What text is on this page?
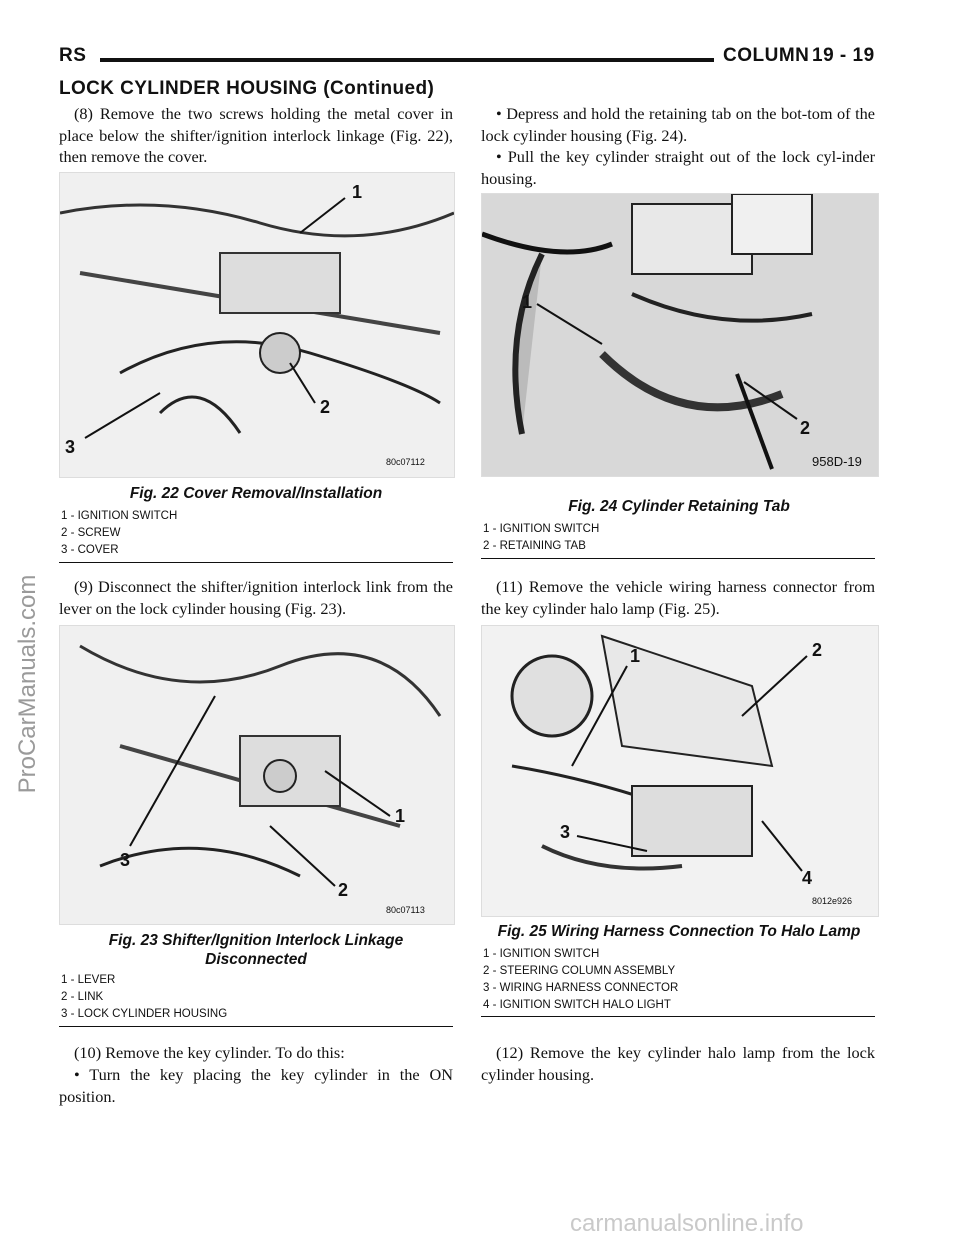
RS	COLUMN 19 - 19
LOCK CYLINDER HOUSING (Continued)
(8) Remove the two screws holding the metal cover in place below the shifter/ignition interlock linkage (Fig. 22), then remove the cover.
1
2
3
80c07112
Fig. 22 Cover Removal/Installation
1 - IGNITION SWITCH
2 - SCREW
3 - COVER
(9) Disconnect the shifter/ignition interlock link from the lever on the lock cylinder housing (Fig. 23).
1
2
3
80c07113
Fig. 23 Shifter/Ignition Interlock Linkage
Disconnected
1 - LEVER
2 - LINK
3 - LOCK CYLINDER HOUSING
(10) Remove the key cylinder. To do this:
• Turn the key placing the key cylinder in the ON position.
• Depress and hold the retaining tab on the bot-tom of the lock cylinder housing (Fig. 24).
• Pull the key cylinder straight out of the lock cyl-inder housing.
1
2
958D-19
Fig. 24 Cylinder Retaining Tab
1 - IGNITION SWITCH
2 - RETAINING TAB
(11) Remove the vehicle wiring harness connector from the key cylinder halo lamp (Fig. 25).
1	2
3
4
8012e926
Fig. 25 Wiring Harness Connection To Halo Lamp
1 - IGNITION SWITCH
2 - STEERING COLUMN ASSEMBLY
3 - WIRING HARNESS CONNECTOR
4 - IGNITION SWITCH HALO LIGHT
(12) Remove the key cylinder halo lamp from the lock cylinder housing.
ProCarManuals.com
carmanualsonline.info
